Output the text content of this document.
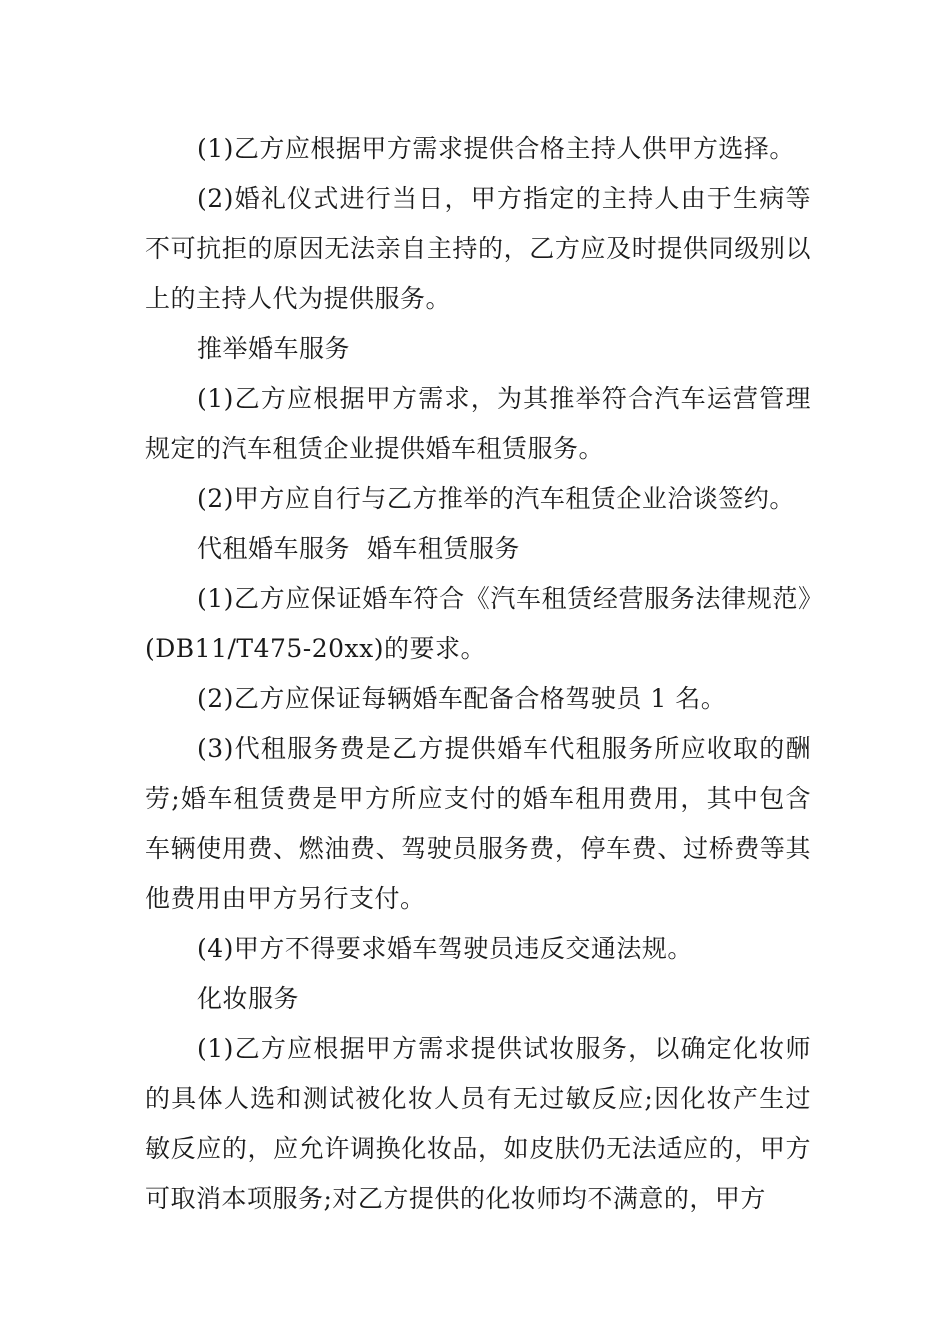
(1)乙方应根据甲方需求提供合格主持人供甲方选择。

(2)婚礼仪式进行当日，甲方指定的主持人由于生病等不可抗拒的原因无法亲自主持的，乙方应及时提供同级别以上的主持人代为提供服务。

推举婚车服务

(1)乙方应根据甲方需求，为其推举符合汽车运营管理规定的汽车租赁企业提供婚车租赁服务。

(2)甲方应自行与乙方推举的汽车租赁企业洽谈签约。

代租婚车服务  婚车租赁服务

(1)乙方应保证婚车符合《汽车租赁经营服务法律规范》(DB11/T475-20xx)的要求。

(2)乙方应保证每辆婚车配备合格驾驶员 1 名。

(3)代租服务费是乙方提供婚车代租服务所应收取的酬劳;婚车租赁费是甲方所应支付的婚车租用费用，其中包含车辆使用费、燃油费、驾驶员服务费，停车费、过桥费等其他费用由甲方另行支付。

(4)甲方不得要求婚车驾驶员违反交通法规。

化妆服务

(1)乙方应根据甲方需求提供试妆服务，以确定化妆师的具体人选和测试被化妆人员有无过敏反应;因化妆产生过敏反应的，应允许调换化妆品，如皮肤仍无法适应的，甲方可取消本项服务;对乙方提供的化妆师均不满意的，甲方
